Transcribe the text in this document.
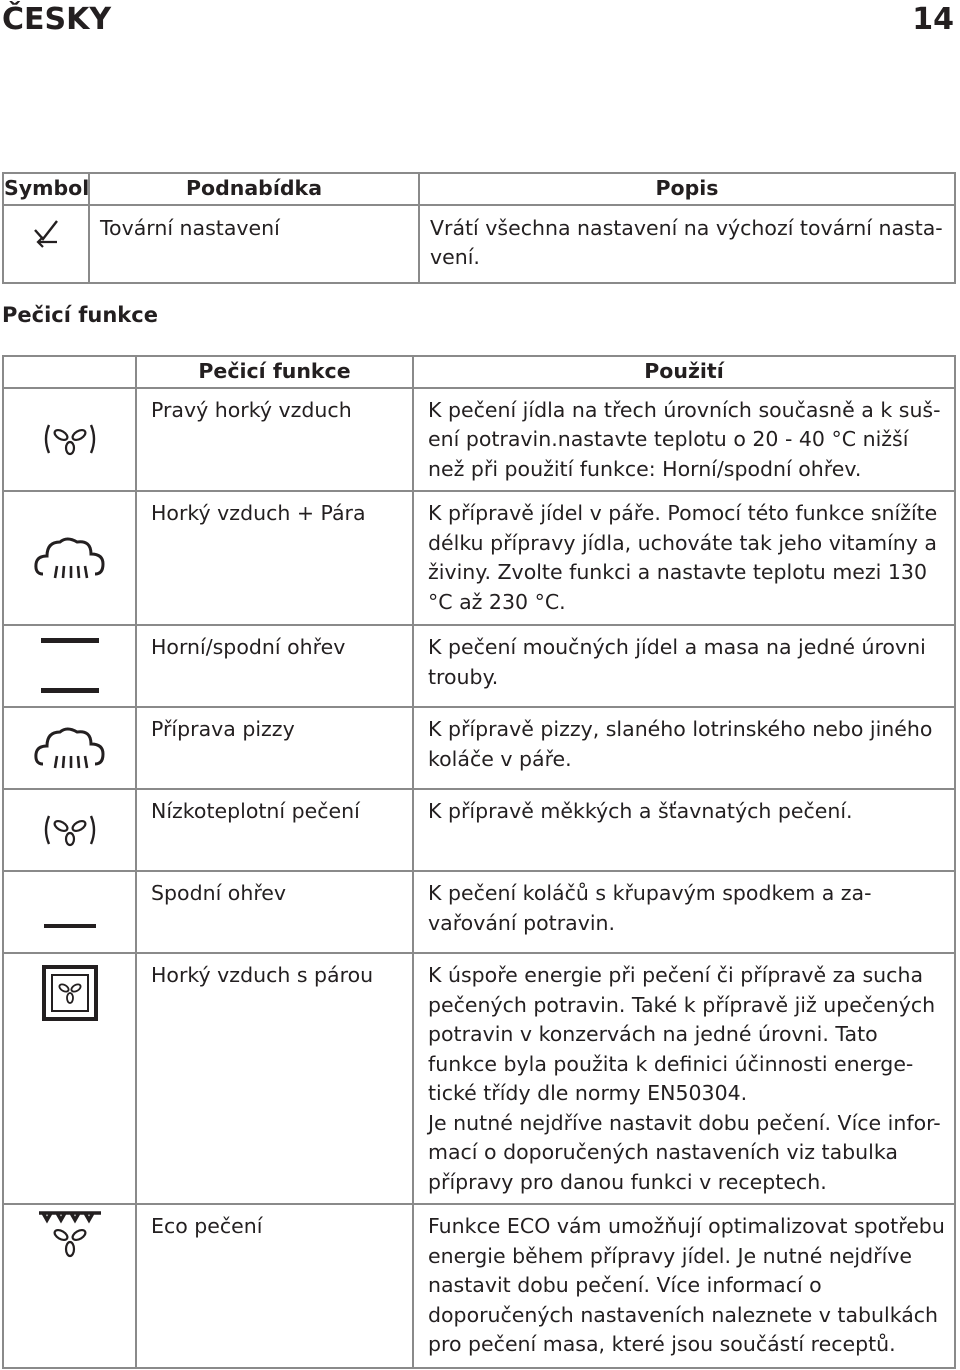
ČESKY	14
Symbol	Podnabídka	Popis

	Tovární nastavení	Vrátí všechna nastavení na výchozí tovární nasta-vení.
Pečicí funkce
	Pečicí funkce	Použití

	Pravý horký vzduch	K pečení jídla na třech úrovních současně a k suš-ení potravin.nastavte teplotu o 20 - 40 °C nižší než při použití funkce: Horní/spodní ohřev.

	Horký vzduch + Pára	K přípravě jídel v páře. Pomocí této funkce snížíte délku přípravy jídla, uchováte tak jeho vitamíny a živiny. Zvolte funkci a nastavte teplotu mezi 130 °C až 230 °C.

	Horní/spodní ohřev	K pečení moučných jídel a masa na jedné úrovni trouby.

	Příprava pizzy	K přípravě pizzy, slaného lotrinského nebo jiného koláče v páře.

	Nízkoteplotní pečení	K přípravě měkkých a šťavnatých pečení.

	Spodní ohřev	K pečení koláčů s křupavým spodkem a za-vařování potravin.

	Horký vzduch s párou	K úspoře energie při pečení či přípravě za sucha pečených potravin. Také k přípravě již upečených potravin v konzervách na jedné úrovni. Tato funkce byla použita k definici účinnosti energe-tické třídy dle normy EN50304.
Je nutné nejdříve nastavit dobu pečení. Více infor-mací o doporučených nastaveních viz tabulka přípravy pro danou funkci v receptech.

	Eco pečení	Funkce ECO vám umožňují optimalizovat spotřebu energie během přípravy jídel. Je nutné nejdříve nastavit dobu pečení. Více informací o doporučených nastaveních naleznete v tabulkách pro pečení masa, které jsou součástí receptů.
